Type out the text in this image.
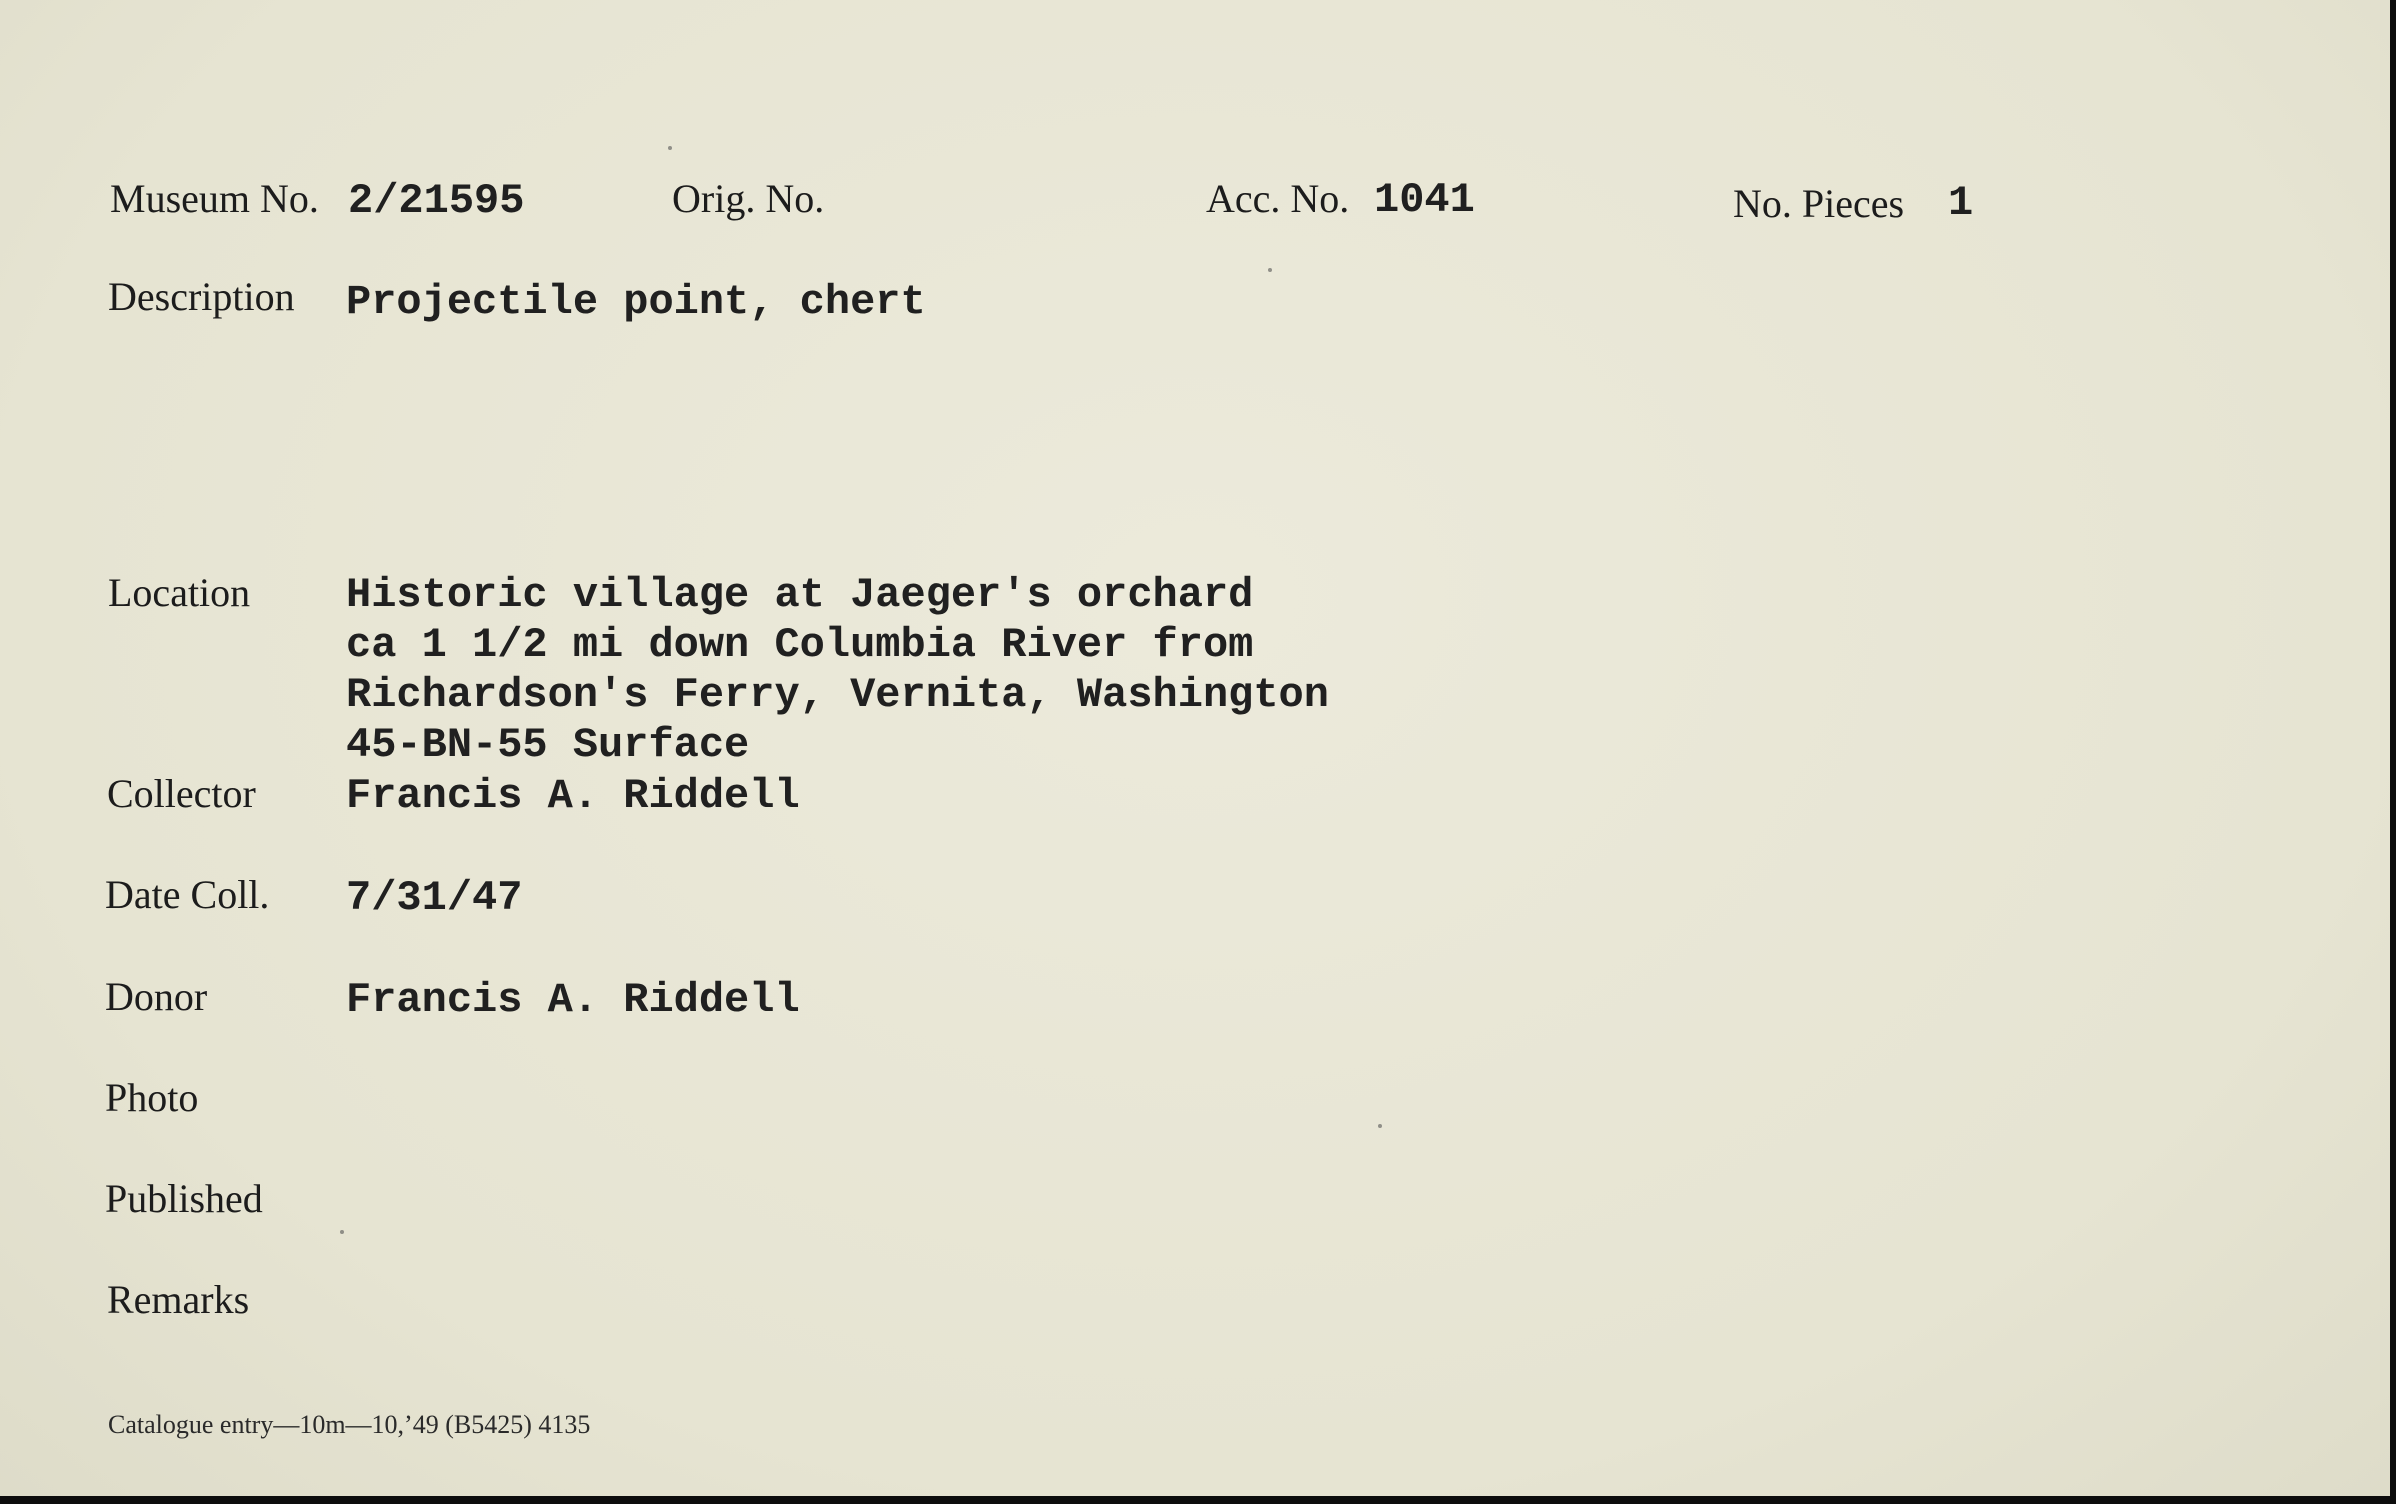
Museum No. 2/21595	Orig. No.	Acc. No. 1041	No. Pieces 1
Description Projectile point, chert
Location Historic village at Jaeger's orchard
ca 1 1/2 mi down Columbia River from
Richardson's Ferry, Vernita, Washington
45-BN-55 Surface
Collector Francis A. Riddell
Date Coll. 7/31/47
Donor	Francis A. Riddell
Photo
Published
Remarks
Catalogue entry—10m—10,’49 (B5425) 4135
